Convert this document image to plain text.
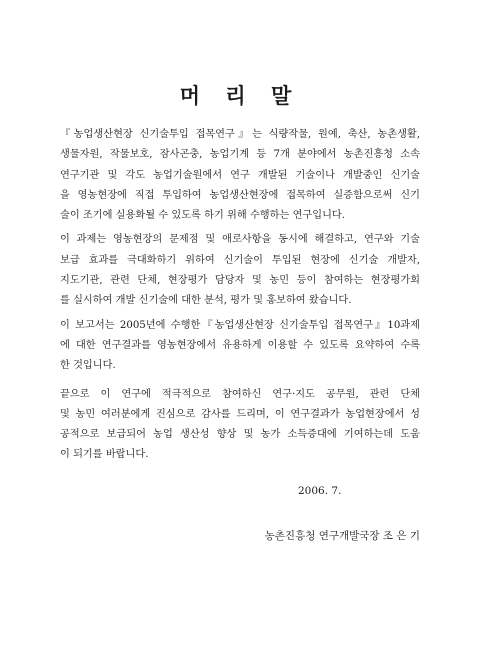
머 리 말
『농업생산현장 신기술투입 접목연구』는 식량작물, 원예, 축산, 농촌생활,
생물자원, 작물보호, 잠사곤충, 농업기계 등 7개 분야에서 농촌진흥청 소속
연구기관 및 각도 농업기술원에서 연구 개발된 기술이나 개발중인 신기술
을 영농현장에 직접 투입하여 농업생산현장에 접목하여 실증함으로써 신기
술이 조기에 실용화될 수 있도록 하기 위해 수행하는 연구입니다.
이 과제는 영농현장의 문제점 및 애로사항을 동시에 해결하고, 연구와 기술
보급 효과를 극대화하기 위하여 신기술이 투입된 현장에 신기술 개발자,
지도기관, 관련 단체, 현장평가 담당자 및 농민 등이 참여하는 현장평가회
를 실시하여 개발 신기술에 대한 분석, 평가 및 홍보하여 왔습니다.
이 보고서는 2005년에 수행한『농업생산현장 신기술투입 접목연구』10과제
에 대한 연구결과를 영농현장에서 유용하게 이용할 수 있도록 요약하여 수록
한 것입니다.
끝으로 이 연구에 적극적으로 참여하신 연구·지도 공무원, 관련 단체
및 농민 여러분에게 진심으로 감사를 드리며, 이 연구결과가 농업현장에서 성
공적으로 보급되어 농업 생산성 향상 및 농가 소득증대에 기여하는데 도움
이 되기를 바랍니다.
2006. 7.
농촌진흥청 연구개발국장 조 은 기
